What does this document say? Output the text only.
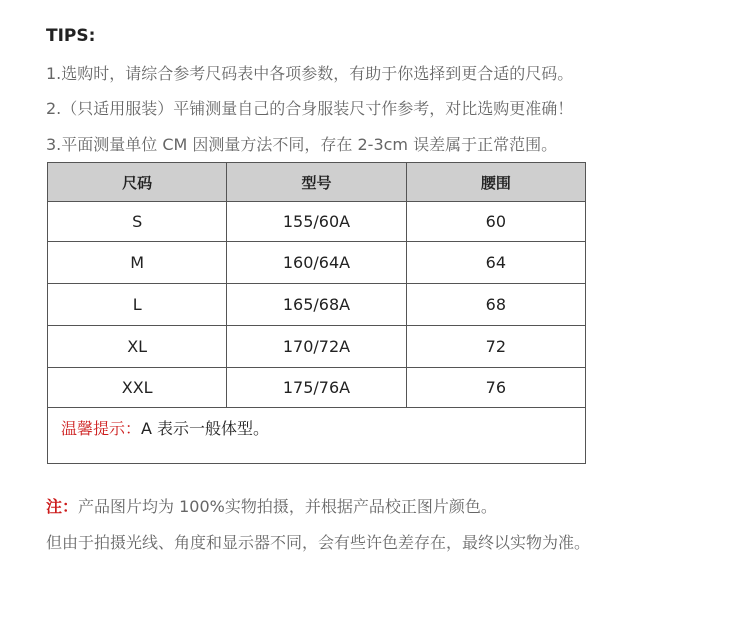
TIPS:
1.选购时，请综合参考尺码表中各项参数，有助于你选择到更合适的尺码。
2.（只适用服装）平铺测量自己的合身服装尺寸作参考，对比选购更准确！
3.平面测量单位 CM 因测量方法不同，存在 2-3cm 误差属于正常范围。
尺码	型号	腰围
S	155/60A	60
M	160/64A	64
L	165/68A	68
XL	170/72A	72
XXL	175/76A	76
温馨提示：A 表示一般体型。		
注：产品图片均为 100%实物拍摄，并根据产品校正图片颜色。
但由于拍摄光线、角度和显示器不同，会有些许色差存在，最终以实物为准。
